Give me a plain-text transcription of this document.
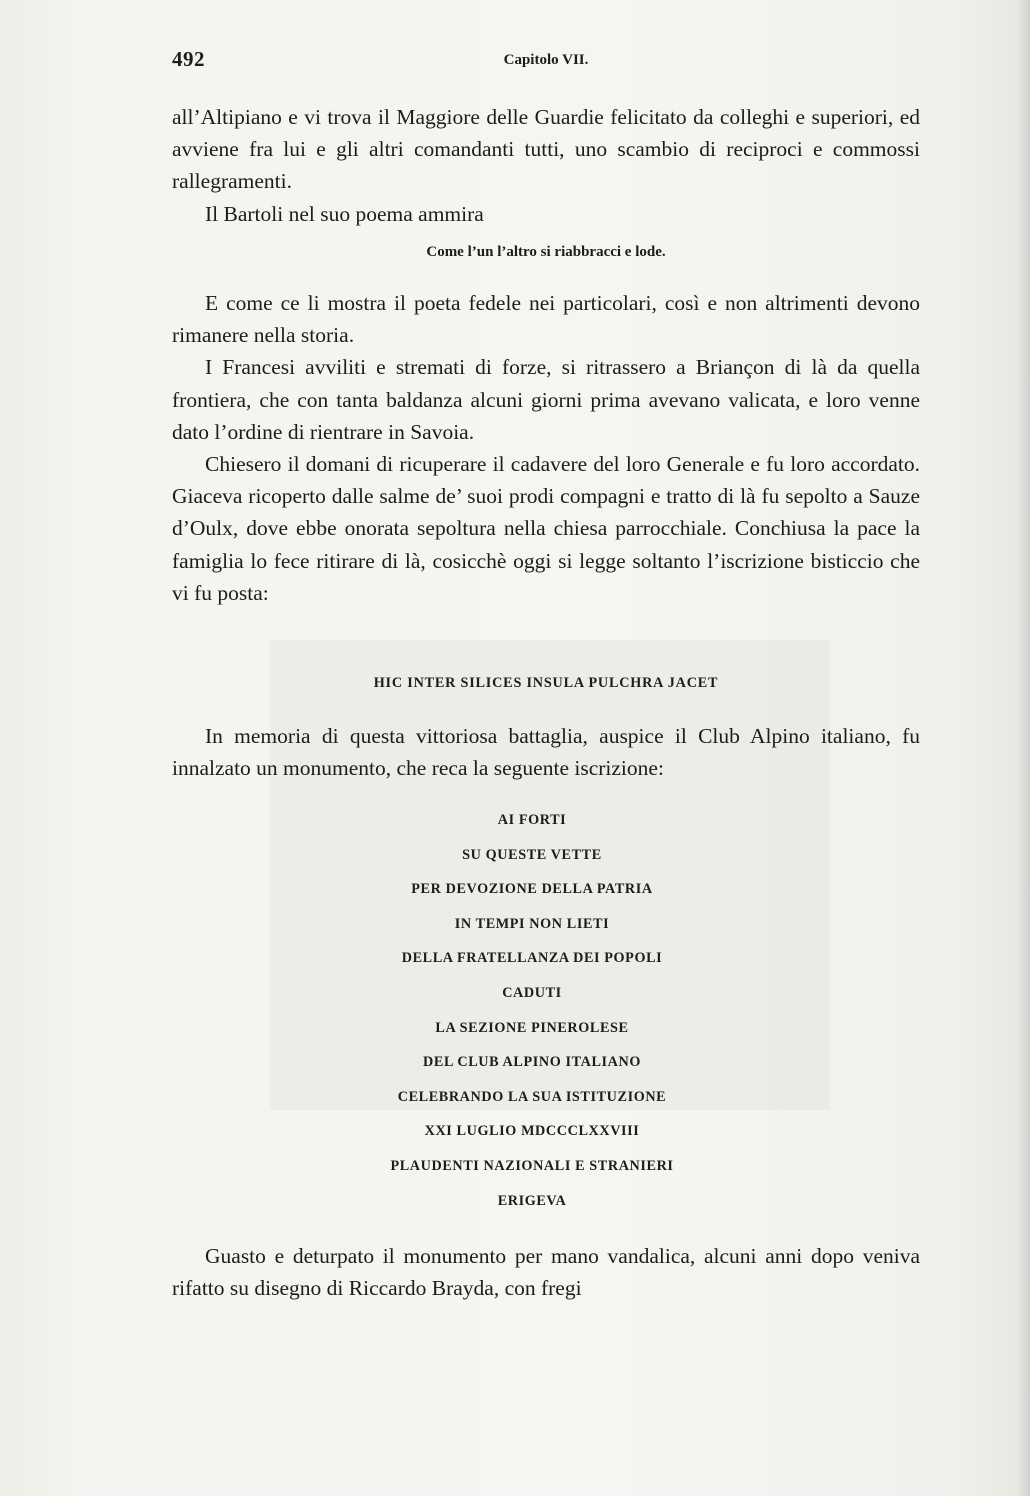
492	Capitolo VII.

all’Altipiano e vi trova il Maggiore delle Guardie felicitato da colleghi e superiori, ed avviene fra lui e gli altri comandanti tutti, uno scambio di reciproci e commossi rallegramenti.

Il Bartoli nel suo poema ammira

Come l’un l’altro si riabbracci e lode.

E come ce li mostra il poeta fedele nei particolari, così e non altrimenti devono rimanere nella storia.

I Francesi avviliti e stremati di forze, si ritrassero a Briançon di là da quella frontiera, che con tanta baldanza alcuni giorni prima avevano valicata, e loro venne dato l’ordine di rientrare in Savoia.

Chiesero il domani di ricuperare il cadavere del loro Generale e fu loro accordato. Giaceva ricoperto dalle salme de’ suoi prodi compagni e tratto di là fu sepolto a Sauze d’Oulx, dove ebbe onorata sepoltura nella chiesa parrocchiale. Conchiusa la pace la famiglia lo fece ritirare di là, cosicchè oggi si legge soltanto l’iscrizione bisticcio che vi fu posta:

HIC INTER SILICES INSULA PULCHRA JACET

In memoria di questa vittoriosa battaglia, auspice il Club Alpino italiano, fu innalzato un monumento, che reca la seguente iscrizione:

AI FORTI
SU QUESTE VETTE
PER DEVOZIONE DELLA PATRIA
IN TEMPI NON LIETI
DELLA FRATELLANZA DEI POPOLI
CADUTI
LA SEZIONE PINEROLESE
DEL CLUB ALPINO ITALIANO
CELEBRANDO LA SUA ISTITUZIONE
XXI LUGLIO MDCCCLXXVIII
PLAUDENTI NAZIONALI E STRANIERI
ERIGEVA

Guasto e deturpato il monumento per mano vandalica, alcuni anni dopo veniva rifatto su disegno di Riccardo Brayda, con fregi
